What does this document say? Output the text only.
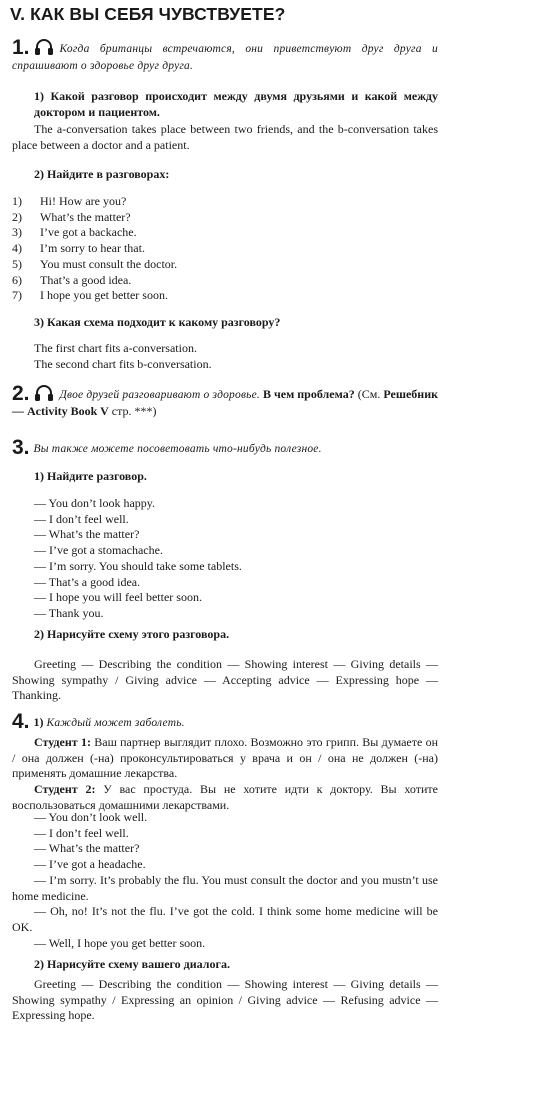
V. КАК ВЫ СЕБЯ ЧУВСТВУЕТЕ?

1.	Когда британцы встречаются, они приветствуют друг друга и спрашивают о здоровье друг друга.

1) Какой разговор происходит между двумя друзьями и какой между доктором и пациентом.

The a-conversation takes place between two friends, and the b-conversation takes place between a doctor and a patient.

2) Найдите в разговорах:
1)	Hi! How are you?
2)	What’s the matter?
3)	I’ve got a backache.
4)	I’m sorry to hear that.
5)	You must consult the doctor.
6)	That’s a good idea.
7)	I hope you get better soon.
3) Какая схема подходит к какому разговору?

The first chart fits a-conversation.

The second chart fits b-conversation.

2.	Двое друзей разговаривают о здоровье. В чем проблема? (См. Решебник — Activity Book V стр. ***)

3. Вы также можете посоветовать что-нибудь полезное.

1) Найдите разговор.

— You don’t look happy.

— I don’t feel well.

— What’s the matter?

— I’ve got a stomachache.

— I’m sorry. You should take some tablets.

— That’s a good idea.

— I hope you will feel better soon.

— Thank you.

2) Нарисуйте схему этого разговора.

Greeting — Describing the condition — Showing interest — Giving details — Showing sympathy / Giving advice — Accepting advice — Expressing hope — Thanking.

4. 1) Каждый может заболеть.

Студент 1: Ваш партнер выглядит плохо. Возможно это грипп. Вы думаете он / она должен (-на) проконсультироваться у врача и он / она не должен (-на) применять домашние лекарства.

Студент 2: У вас простуда. Вы не хотите идти к доктору. Вы хотите воспользоваться домашними лекарствами.

— You don’t look well.

— I don’t feel well.

— What’s the matter?

— I’ve got a headache.

— I’m sorry. It’s probably the flu. You must consult the doctor and you mustn’t use home medicine.

— Oh, no! It’s not the flu. I’ve got the cold. I think some home medicine will be OK.

— Well, I hope you get better soon.

2) Нарисуйте схему вашего диалога.

Greeting — Describing the condition — Showing interest — Giving details — Showing sympathy / Expressing an opinion / Giving advice — Refusing advice — Expressing hope.
